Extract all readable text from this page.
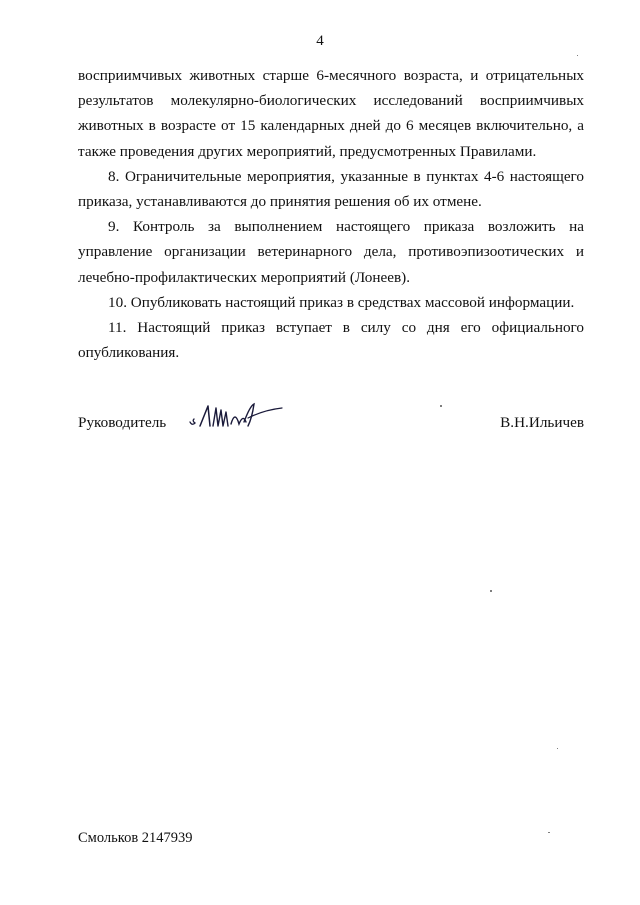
4

восприимчивых животных старше 6-месячного возраста, и отрицательных результатов молекулярно-биологических исследований восприимчивых животных в возрасте от 15 календарных дней до 6 месяцев включительно, а также проведения других мероприятий, предусмотренных Правилами.

8. Ограничительные мероприятия, указанные в пунктах 4-6 настоящего приказа, устанавливаются до принятия решения об их отмене.

9. Контроль за выполнением настоящего приказа возложить на управление организации ветеринарного дела, противоэпизоотических и лечебно-профилактических мероприятий (Лонеев).

10. Опубликовать настоящий приказ в средствах массовой информации.

11. Настоящий приказ вступает в силу со дня его официального опубликования.

Руководитель	В.Н.Ильичев
Смольков 2147939
